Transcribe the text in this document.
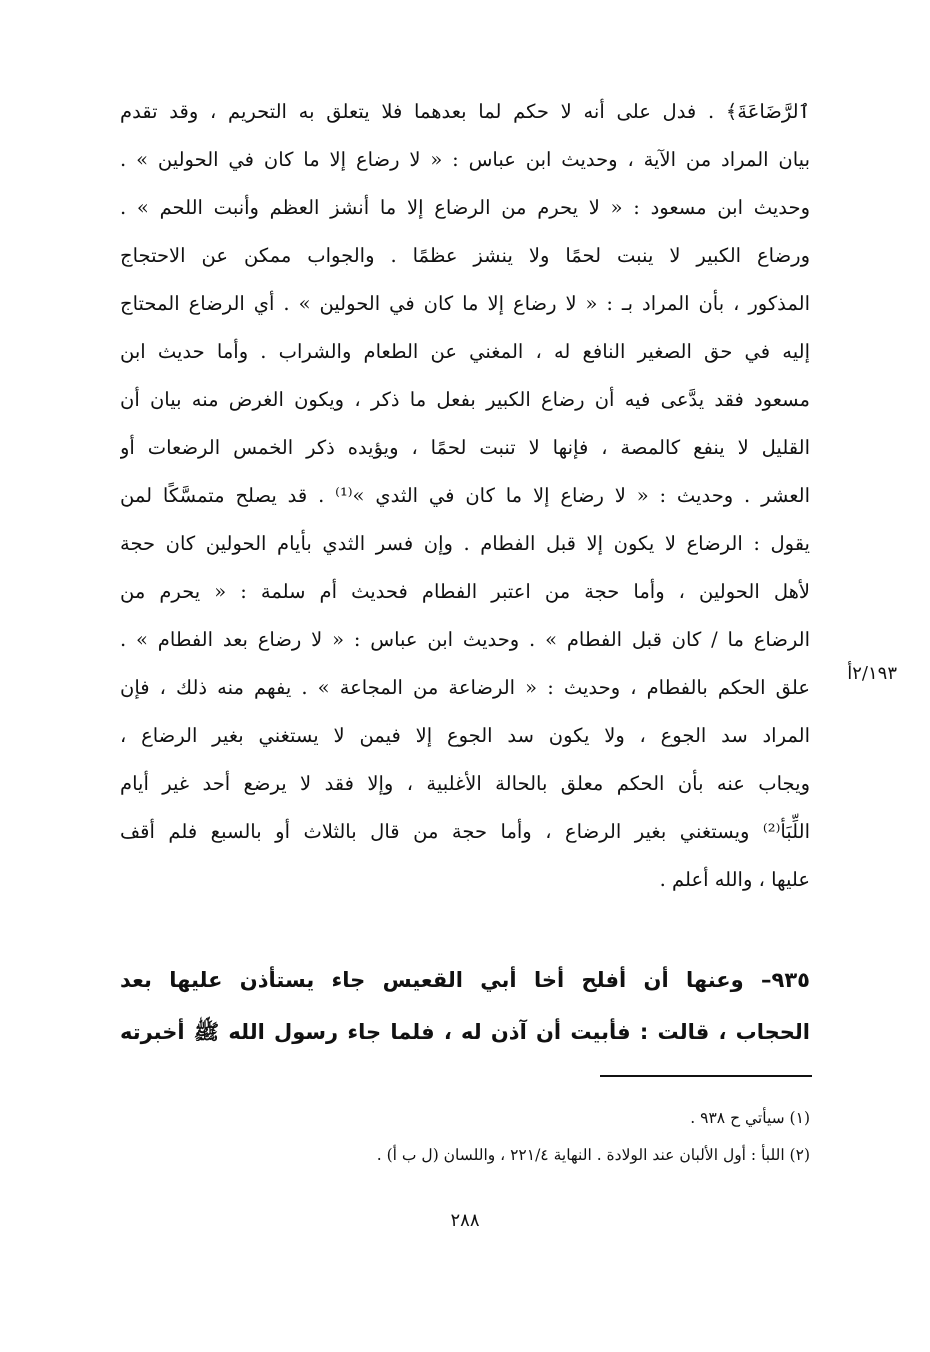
ٱلرَّضَاعَةَ﴾ . فدل على أنه لا حكم لما بعدهما فلا يتعلق به التحريم ، وقد تقدم
بيان المراد من الآية ، وحديث ابن عباس : « لا رضاع إلا ما كان في الحولين » .
وحديث ابن مسعود : « لا يحرم من الرضاع إلا ما أنشز العظم وأنبت اللحم » .
ورضاع الكبير لا ينبت لحمًا ولا ينشز عظمًا . والجواب ممكن عن الاحتجاج
المذكور ، بأن المراد بـ : « لا رضاع إلا ما كان في الحولين » . أي الرضاع المحتاج
إليه في حق الصغير النافع له ، المغني عن الطعام والشراب . وأما حديث ابن
مسعود فقد يدَّعى فيه أن رضاع الكبير بفعل ما ذكر ، ويكون الغرض منه بيان أن
القليل لا ينفع كالمصة ، فإنها لا تنبت لحمًا ، ويؤيده ذكر الخمس الرضعات أو
العشر . وحديث : « لا رضاع إلا ما كان في الثدي »⁽¹⁾ . قد يصلح متمسَّكًا لمن
يقول : الرضاع لا يكون إلا قبل الفطام . وإن فسر الثدي بأيام الحولين كان حجة
لأهل الحولين ، وأما حجة من اعتبر الفطام فحديث أم سلمة : « يحرم من
الرضاع ما / كان قبل الفطام » . وحديث ابن عباس : « لا رضاع بعد الفطام » .
علق الحكم بالفطام ، وحديث : « الرضاعة من المجاعة » . يفهم منه ذلك ، فإن
المراد سد الجوع ، ولا يكون سد الجوع إلا فيمن لا يستغني بغير الرضاع ،
ويجاب عنه بأن الحكم معلق بالحالة الأغلبية ، وإلا فقد لا يرضع أحد غير أيام
اللِّبَأ⁽²⁾ ويستغني بغير الرضاع ، وأما حجة من قال بالثلاث أو بالسبع فلم أقف
عليها ، والله أعلم .
٢/١٩٣أ
٩٣٥– وعنها أن أفلح أخا أبي القعيس جاء يستأذن عليها بعد
الحجاب ، قالت : فأبيت أن آذن له ، فلما جاء رسول الله ﷺ أخبرته
(١) سيأتي ح ٩٣٨ .
(٢) اللبأ : أول الألبان عند الولادة . النهاية ٢٢١/٤ ، واللسان (ل ب أ) .
٢٨٨
